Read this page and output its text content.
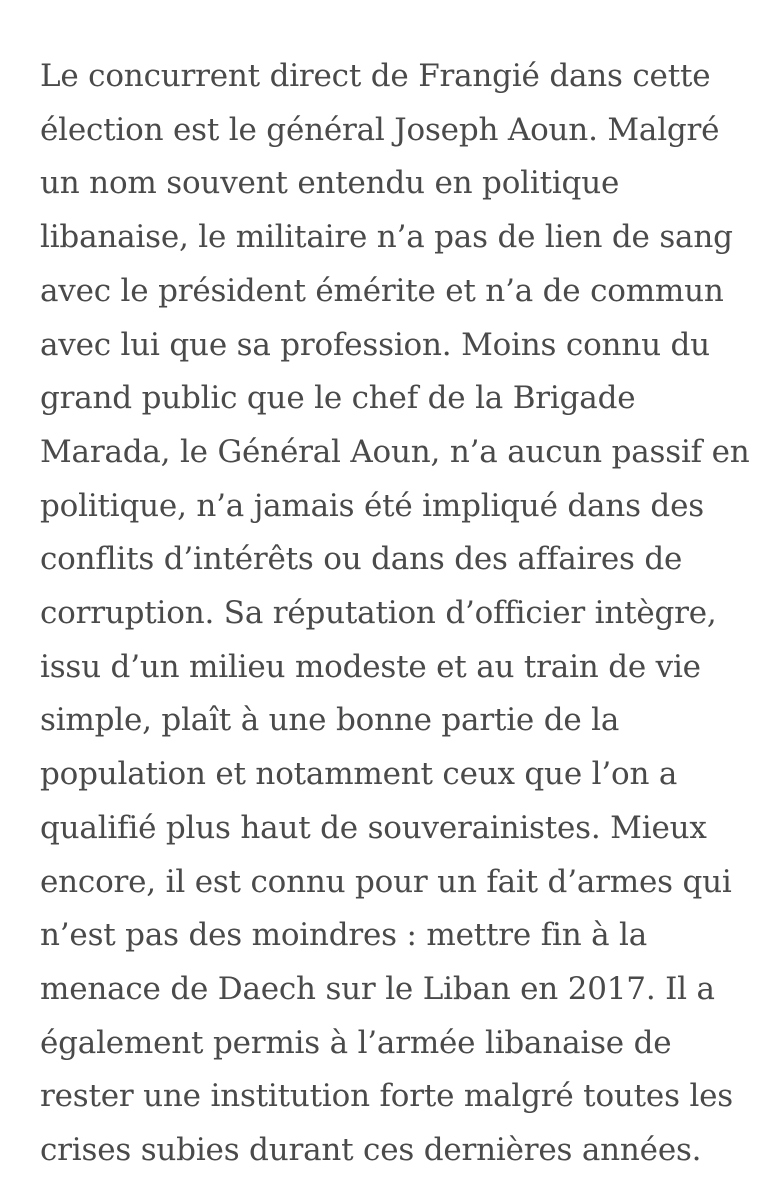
Le concurrent direct de Frangié dans cette
élection est le général Joseph Aoun. Malgré
un nom souvent entendu en politique
libanaise, le militaire n’a pas de lien de sang
avec le président émérite et n’a de commun
avec lui que sa profession. Moins connu du
grand public que le chef de la Brigade
Marada, le Général Aoun, n’a aucun passif en
politique, n’a jamais été impliqué dans des
conflits d’intérêts ou dans des affaires de
corruption. Sa réputation d’officier intègre,
issu d’un milieu modeste et au train de vie
simple, plaît à une bonne partie de la
population et notamment ceux que l’on a
qualifié plus haut de souverainistes. Mieux
encore, il est connu pour un fait d’armes qui
n’est pas des moindres : mettre fin à la
menace de Daech sur le Liban en 2017. Il a
également permis à l’armée libanaise de
rester une institution forte malgré toutes les
crises subies durant ces dernières années.
